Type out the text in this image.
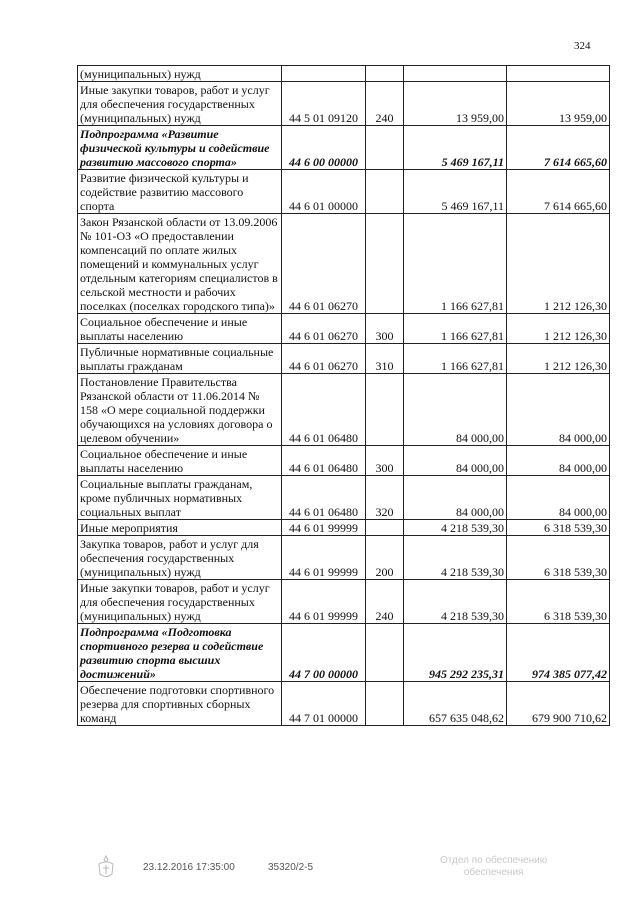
324
(муниципальных) нужд				
Иные закупки товаров, работ и услуг для обеспечения государственных (муниципальных) нужд	44 5 01 09120	240	13 959,00	13 959,00
Подпрограмма «Развитие физической культуры и содействие развитию массового спорта»	44 6 00 00000		5 469 167,11	7 614 665,60
Развитие физической культуры и содействие развитию массового спорта	44 6 01 00000		5 469 167,11	7 614 665,60
Закон Рязанской области от 13.09.2006 № 101-ОЗ «О предоставлении компенсаций по оплате жилых помещений и коммунальных услуг отдельным категориям специалистов в сельской местности и рабочих поселках (поселках городского типа)»	44 6 01 06270		1 166 627,81	1 212 126,30
Социальное обеспечение и иные выплаты населению	44 6 01 06270	300	1 166 627,81	1 212 126,30
Публичные нормативные социальные выплаты гражданам	44 6 01 06270	310	1 166 627,81	1 212 126,30
Постановление Правительства Рязанской области от 11.06.2014 № 158 «О мере социальной поддержки обучающихся на условиях договора о целевом обучении»	44 6 01 06480		84 000,00	84 000,00
Социальное обеспечение и иные выплаты населению	44 6 01 06480	300	84 000,00	84 000,00
Социальные выплаты гражданам, кроме публичных нормативных социальных выплат	44 6 01 06480	320	84 000,00	84 000,00
Иные мероприятия	44 6 01 99999		4 218 539,30	6 318 539,30
Закупка товаров, работ и услуг для обеспечения государственных (муниципальных) нужд	44 6 01 99999	200	4 218 539,30	6 318 539,30
Иные закупки товаров, работ и услуг для обеспечения государственных (муниципальных) нужд	44 6 01 99999	240	4 218 539,30	6 318 539,30
Подпрограмма «Подготовка спортивного резерва и содействие развитию спорта высших достижений»	44 7 00 00000		945 292 235,31	974 385 077,42
Обеспечение подготовки спортивного резерва для спортивных сборных команд	44 7 01 00000		657 635 048,62	679 900 710,62
23.12.2016 17:35:00	35320/2-5
Отдел по обеспечению
обеспечения
